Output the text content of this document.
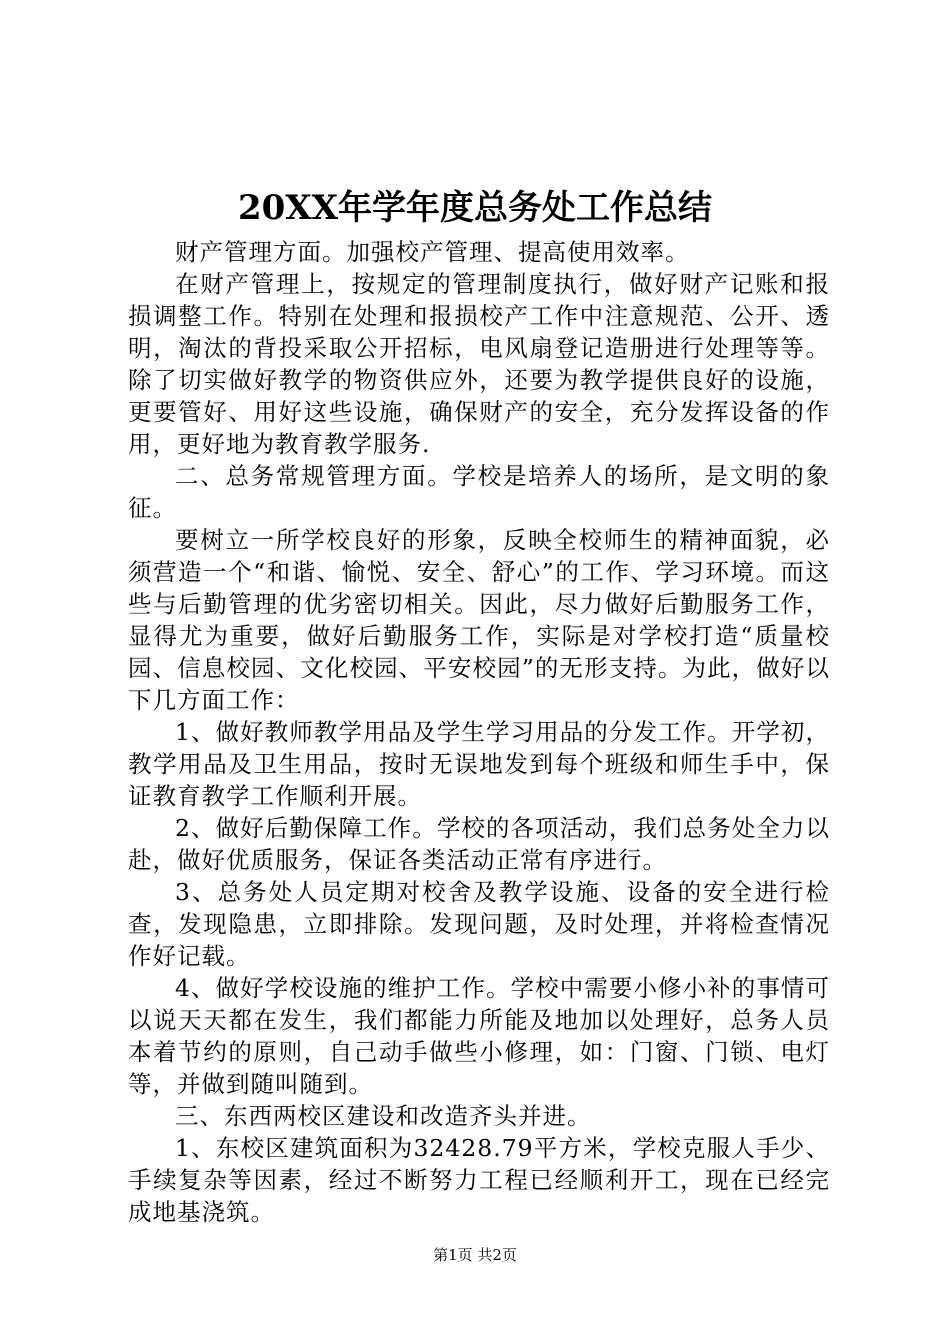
20XX年学年度总务处工作总结

财产管理方面。加强校产管理、提高使用效率。

在财产管理上，按规定的管理制度执行，做好财产记账和报损调整工作。特别在处理和报损校产工作中注意规范、公开、透明，淘汰的背投采取公开招标，电风扇登记造册进行处理等等。除了切实做好教学的物资供应外，还要为教学提供良好的设施，更要管好、用好这些设施，确保财产的安全，充分发挥设备的作用，更好地为教育教学服务.

二、总务常规管理方面。学校是培养人的场所，是文明的象征。

要树立一所学校良好的形象，反映全校师生的精神面貌，必须营造一个“和谐、愉悦、安全、舒心”的工作、学习环境。而这些与后勤管理的优劣密切相关。因此，尽力做好后勤服务工作，显得尤为重要，做好后勤服务工作，实际是对学校打造“质量校园、信息校园、文化校园、平安校园”的无形支持。为此，做好以下几方面工作：

1、做好教师教学用品及学生学习用品的分发工作。开学初，教学用品及卫生用品，按时无误地发到每个班级和师生手中，保证教育教学工作顺利开展。

2、做好后勤保障工作。学校的各项活动，我们总务处全力以赴，做好优质服务，保证各类活动正常有序进行。

3、总务处人员定期对校舍及教学设施、设备的安全进行检查，发现隐患，立即排除。发现问题，及时处理，并将检查情况作好记载。

4、做好学校设施的维护工作。学校中需要小修小补的事情可以说天天都在发生，我们都能力所能及地加以处理好，总务人员本着节约的原则，自己动手做些小修理，如：门窗、门锁、电灯等，并做到随叫随到。

三、东西两校区建设和改造齐头并进。

1、东校区建筑面积为32428.79平方米，学校克服人手少、手续复杂等因素，经过不断努力工程已经顺利开工，现在已经完成地基浇筑。

第1页 共2页
